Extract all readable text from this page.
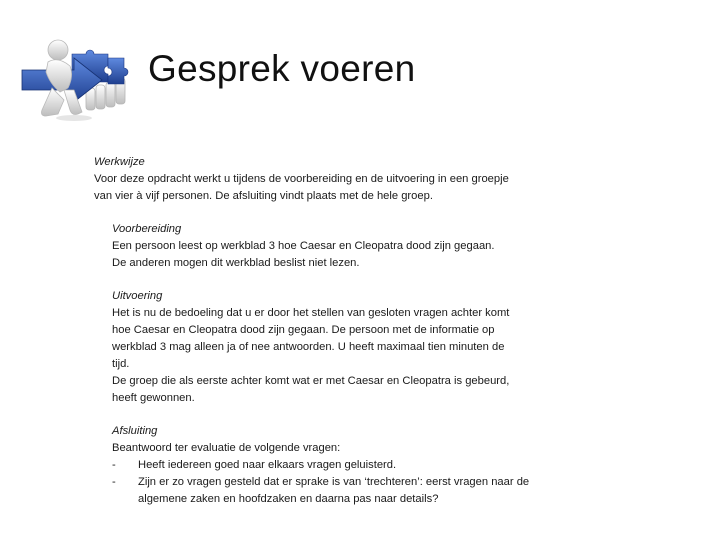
Gesprek voeren

Werkwijze

Voor deze opdracht werkt u tijdens de voorbereiding en de uitvoering in een groepje

van vier à vijf personen. De afsluiting vindt plaats met de hele groep.

Voorbereiding

Een persoon leest op werkblad 3 hoe Caesar en Cleopatra dood zijn gegaan.

De anderen mogen dit werkblad beslist niet lezen.

Uitvoering

Het is nu de bedoeling dat u er door het stellen van gesloten vragen achter komt

hoe Caesar en Cleopatra dood zijn gegaan. De persoon met de informatie op

werkblad 3 mag alleen ja of nee antwoorden. U heeft maximaal tien minuten de

tijd.

De groep die als eerste achter komt wat er met Caesar en Cleopatra is gebeurd,

heeft gewonnen.

Afsluiting

Beantwoord ter evaluatie de volgende vragen:

-	Heeft iedereen goed naar elkaars vragen geluisterd.
-	Zijn er zo vragen gesteld dat er sprake is van ‘trechteren’: eerst vragen naar de
algemene zaken en hoofdzaken en daarna pas naar details?
